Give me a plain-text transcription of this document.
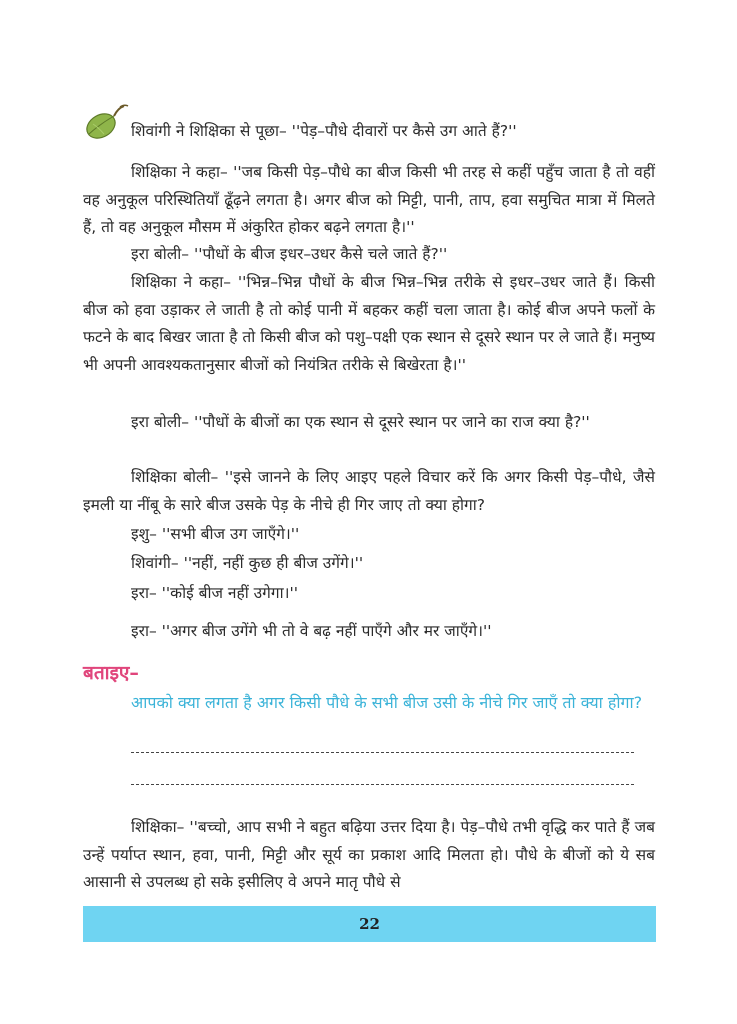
शिवांगी ने शिक्षिका से पूछा– ''पेड़–पौधे दीवारों पर कैसे उग आते हैं?''

शिक्षिका ने कहा– ''जब किसी पेड़–पौधे का बीज किसी भी तरह से कहीं पहुँच जाता है तो वहीं वह अनुकूल परिस्थितियाँ ढूँढ़ने लगता है। अगर बीज को मिट्टी, पानी, ताप, हवा समुचित मात्रा में मिलते हैं, तो वह अनुकूल मौसम में अंकुरित होकर बढ़ने लगता है।''

इरा बोली– ''पौधों के बीज इधर–उधर कैसे चले जाते हैं?''

शिक्षिका ने कहा– ''भिन्न–भिन्न पौधों के बीज भिन्न–भिन्न तरीके से इधर–उधर जाते हैं। किसी बीज को हवा उड़ाकर ले जाती है तो कोई पानी में बहकर कहीं चला जाता है। कोई बीज अपने फलों के फटने के बाद बिखर जाता है तो किसी बीज को पशु–पक्षी एक स्थान से दूसरे स्थान पर ले जाते हैं। मनुष्य भी अपनी आवश्यकतानुसार बीजों को नियंत्रित तरीके से बिखेरता है।''

इरा बोली– ''पौधों के बीजों का एक स्थान से दूसरे स्थान पर जाने का राज क्या है?''

शिक्षिका बोली– ''इसे जानने के लिए आइए पहले विचार करें कि अगर किसी पेड़–पौधे, जैसे इमली या नींबू के सारे बीज उसके पेड़ के नीचे ही गिर जाए तो क्या होगा?

इशु– ''सभी बीज उग जाएँगे।''

शिवांगी– ''नहीं, नहीं कुछ ही बीज उगेंगे।''

इरा– ''कोई बीज नहीं उगेगा।''

इरा– ''अगर बीज उगेंगे भी तो वे बढ़ नहीं पाएँगे और मर जाएँगे।''

बताइए–
आपको क्या लगता है अगर किसी पौधे के सभी बीज उसी के नीचे गिर जाएँ तो क्या होगा?

शिक्षिका– ''बच्चो, आप सभी ने बहुत बढ़िया उत्तर दिया है। पेड़–पौधे तभी वृद्धि कर पाते हैं जब उन्हें पर्याप्त स्थान, हवा, पानी, मिट्टी और सूर्य का प्रकाश आदि मिलता हो। पौधे के बीजों को ये सब आसानी से उपलब्ध हो सके इसीलिए वे अपने मातृ पौधे से

22
